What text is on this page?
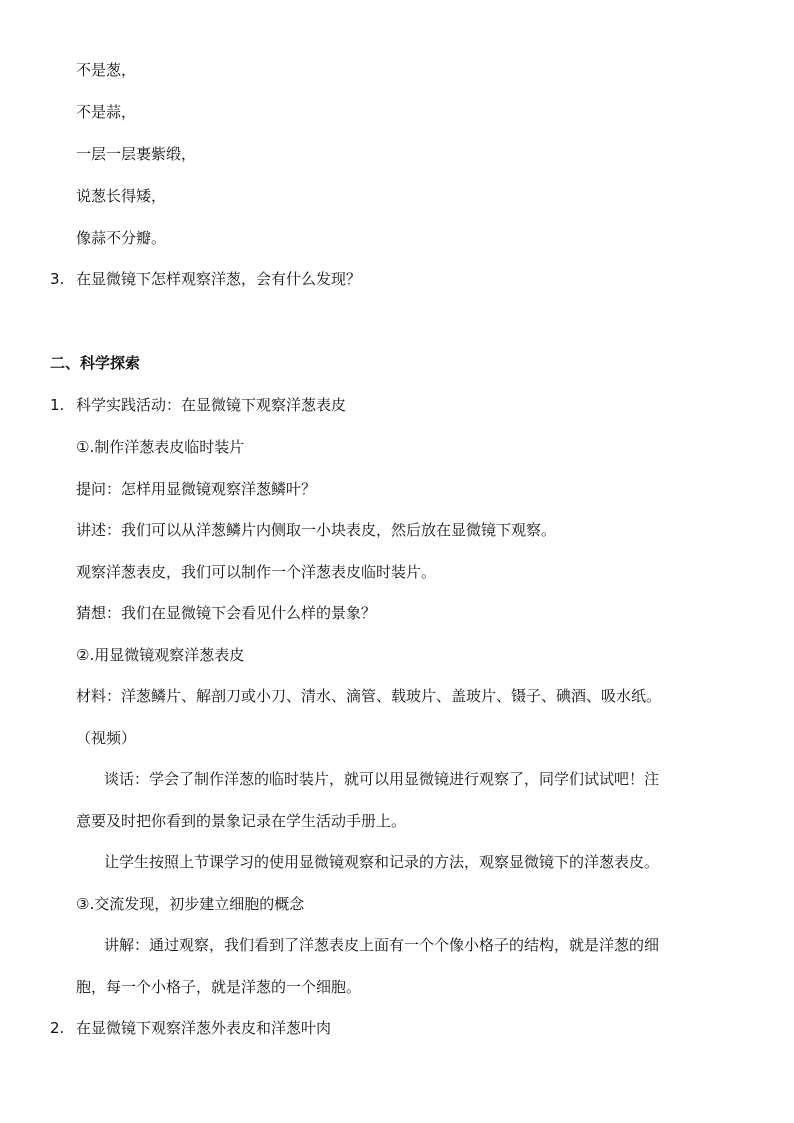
不是葱，
不是蒜，
一层一层裹紫缎，
说葱长得矮，
像蒜不分瓣。
3. 在显微镜下怎样观察洋葱，会有什么发现？
二、科学探索
1. 科学实践活动：在显微镜下观察洋葱表皮
①.制作洋葱表皮临时装片
提问：怎样用显微镜观察洋葱鳞叶？
讲述：我们可以从洋葱鳞片内侧取一小块表皮，然后放在显微镜下观察。
观察洋葱表皮，我们可以制作一个洋葱表皮临时装片。
猜想：我们在显微镜下会看见什么样的景象？
②.用显微镜观察洋葱表皮
材料：洋葱鳞片、解剖刀或小刀、清水、滴管、载玻片、盖玻片、镊子、碘酒、吸水纸。
（视频）
谈话：学会了制作洋葱的临时装片，就可以用显微镜进行观察了，同学们试试吧！注
意要及时把你看到的景象记录在学生活动手册上。
让学生按照上节课学习的使用显微镜观察和记录的方法，观察显微镜下的洋葱表皮。
③.交流发现，初步建立细胞的概念
讲解：通过观察，我们看到了洋葱表皮上面有一个个像小格子的结构，就是洋葱的细
胞，每一个小格子，就是洋葱的一个细胞。
2. 在显微镜下观察洋葱外表皮和洋葱叶肉
